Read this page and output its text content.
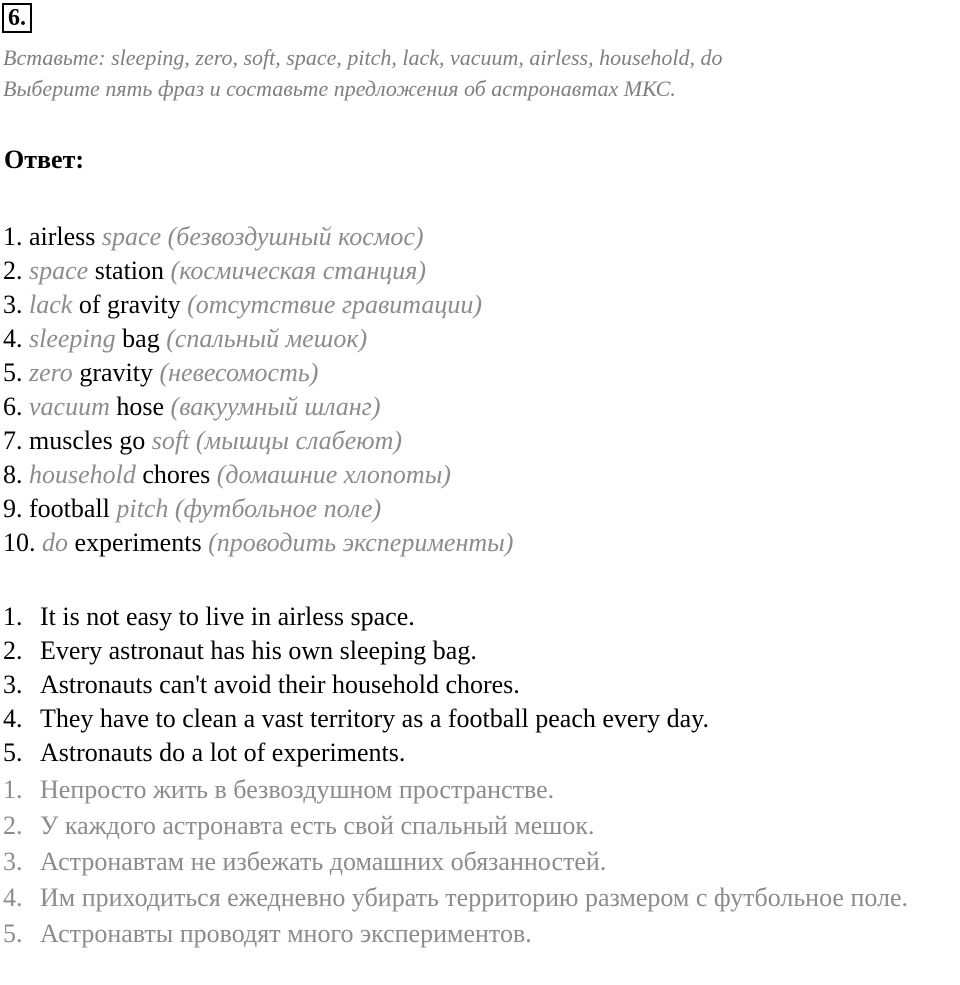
6.
Вставьте: sleeping, zero, soft, space, pitch, lack, vacuum, airless, household, do
Выберите пять фраз и составьте предложения об астронавтах МКС.
Ответ:
1. airless space (безвоздушный космос)
2. space station (космическая станция)
3. lack of gravity (отсутствие гравитации)
4. sleeping bag (спальный мешок)
5. zero gravity (невесомость)
6. vacuum hose (вакуумный шланг)
7. muscles go soft (мышцы слабеют)
8. household chores (домашние хлопоты)
9. football pitch (футбольное поле)
10. do experiments (проводить эксперименты)
1. It is not easy to live in airless space.
2. Every astronaut has his own sleeping bag.
3. Astronauts can't avoid their household chores.
4. They have to clean a vast territory as a football peach every day.
5. Astronauts do a lot of experiments.
1. Непросто жить в безвоздушном пространстве.
2. У каждого астронавта есть свой спальный мешок.
3. Астронавтам не избежать домашних обязанностей.
4. Им приходиться ежедневно убирать территорию размером с футбольное поле.
5. Астронавты проводят много экспериментов.
